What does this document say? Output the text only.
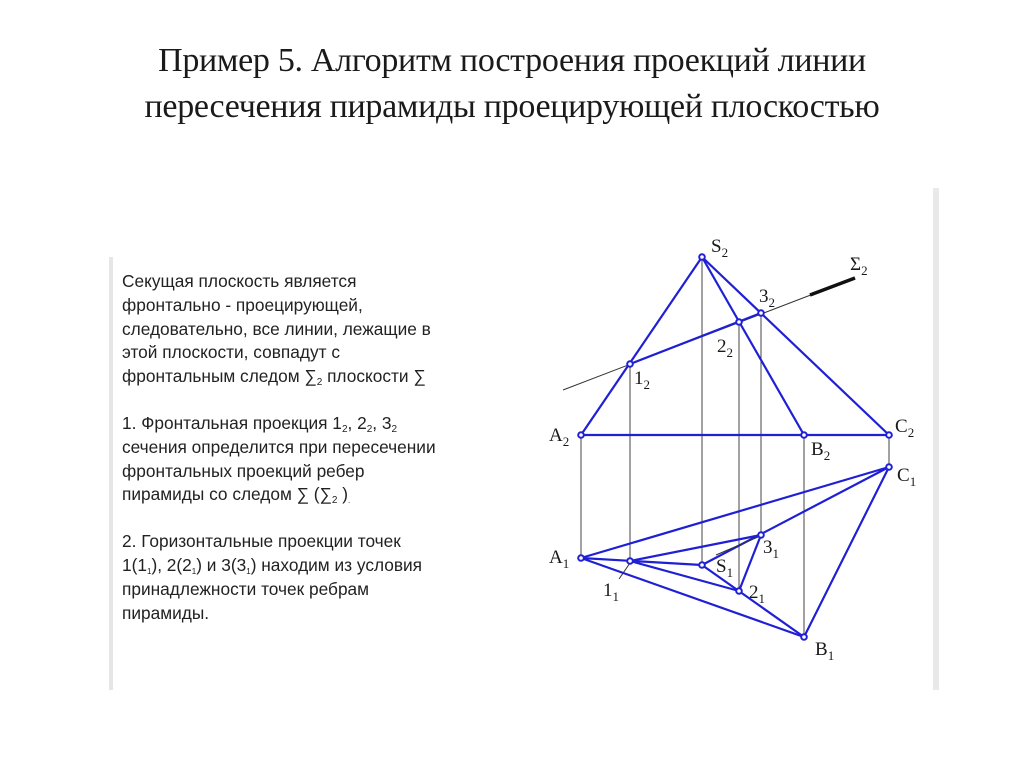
Пример 5. Алгоритм построения проекций линии
пересечения пирамиды проецирующей плоскостью

Секущая плоскость является

фронтально - проецирующей,

следовательно, все линии, лежащие в

этой плоскости, совпадут с

фронтальным следом $\sum_2$ плоскости ∑

1. Фронтальная проекция $1_2$, $2_2$, $3_2$

сечения определится при пересечении

фронтальных проекций ребер

пирамиды со следом ∑ ($\sum_2$ )$_.$

2. Горизонтальные проекции точек

$1(1_1)$, $2(2_1)$ и $3(3_1)$ находим из условия

принадлежности точек ребрам

пирамиды.

$S_2$
$\Sigma_2$
$3_2$
$2_2$
$1_2$
$A_2$	$B_2$
$C_2$
$C_1$
$A_1$
$1_1$
$S_1$
$2_1$
$3_1$
$B_1$
